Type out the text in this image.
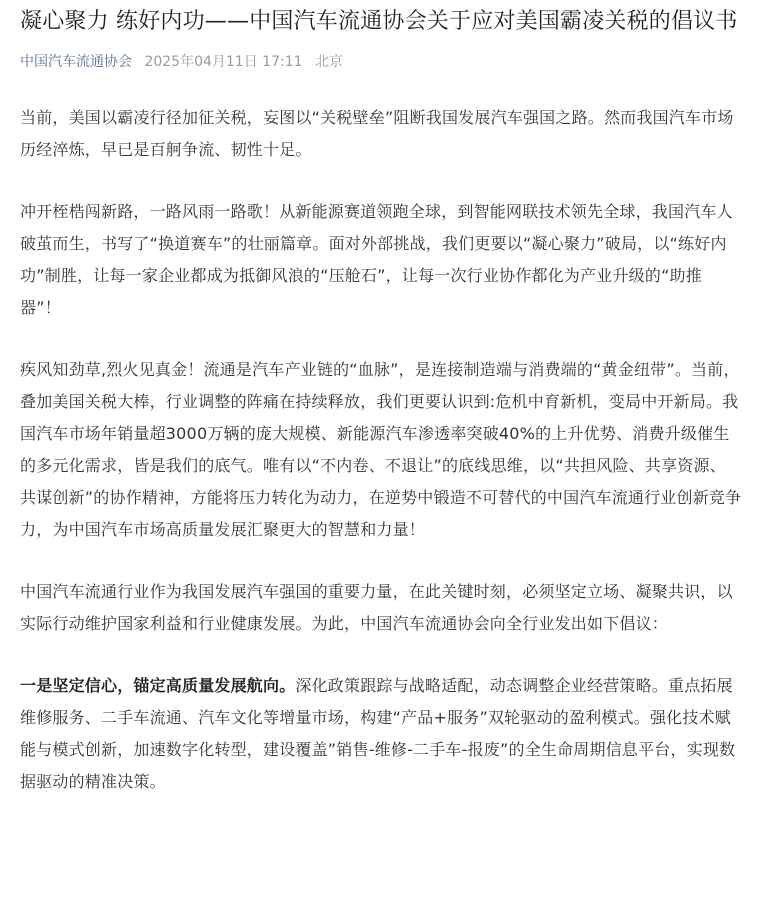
凝心聚力 练好内功——中国汽车流通协会关于应对美国霸凌关税的倡议书
中国汽车流通协会 2025年04月11日 17:11 北京

当前，美国以霸凌行径加征关税，妄图以“关税壁垒”阻断我国发展汽车强国之路。然而我国汽车市场历经淬炼，早已是百舸争流、韧性十足。

冲开桎梏闯新路，一路风雨一路歌！从新能源赛道领跑全球，到智能网联技术领先全球，我国汽车人破茧而生，书写了“换道赛车”的壮丽篇章。面对外部挑战，我们更要以“凝心聚力”破局，以“练好内功”制胜，让每一家企业都成为抵御风浪的“压舱石”，让每一次行业协作都化为产业升级的“助推器”！

疾风知劲草,烈火见真金！流通是汽车产业链的“血脉”，是连接制造端与消费端的“黄金纽带”。当前，叠加美国关税大棒，行业调整的阵痛在持续释放，我们更要认识到:危机中育新机，变局中开新局。我国汽车市场年销量超3000万辆的庞大规模、新能源汽车渗透率突破40%的上升优势、消费升级催生的多元化需求，皆是我们的底气。唯有以“不内卷、不退让”的底线思维，以“共担风险、共享资源、共谋创新”的协作精神，方能将压力转化为动力，在逆势中锻造不可替代的中国汽车流通行业创新竞争力，为中国汽车市场高质量发展汇聚更大的智慧和力量！

中国汽车流通行业作为我国发展汽车强国的重要力量，在此关键时刻，必须坚定立场、凝聚共识，以实际行动维护国家利益和行业健康发展。为此，中国汽车流通协会向全行业发出如下倡议：

一是坚定信心，锚定高质量发展航向。深化政策跟踪与战略适配，动态调整企业经营策略。重点拓展维修服务、二手车流通、汽车文化等增量市场，构建“产品+服务”双轮驱动的盈利模式。强化技术赋能与模式创新，加速数字化转型，建设覆盖”销售-维修-二手车-报废”的全生命周期信息平台，实现数据驱动的精准决策。
